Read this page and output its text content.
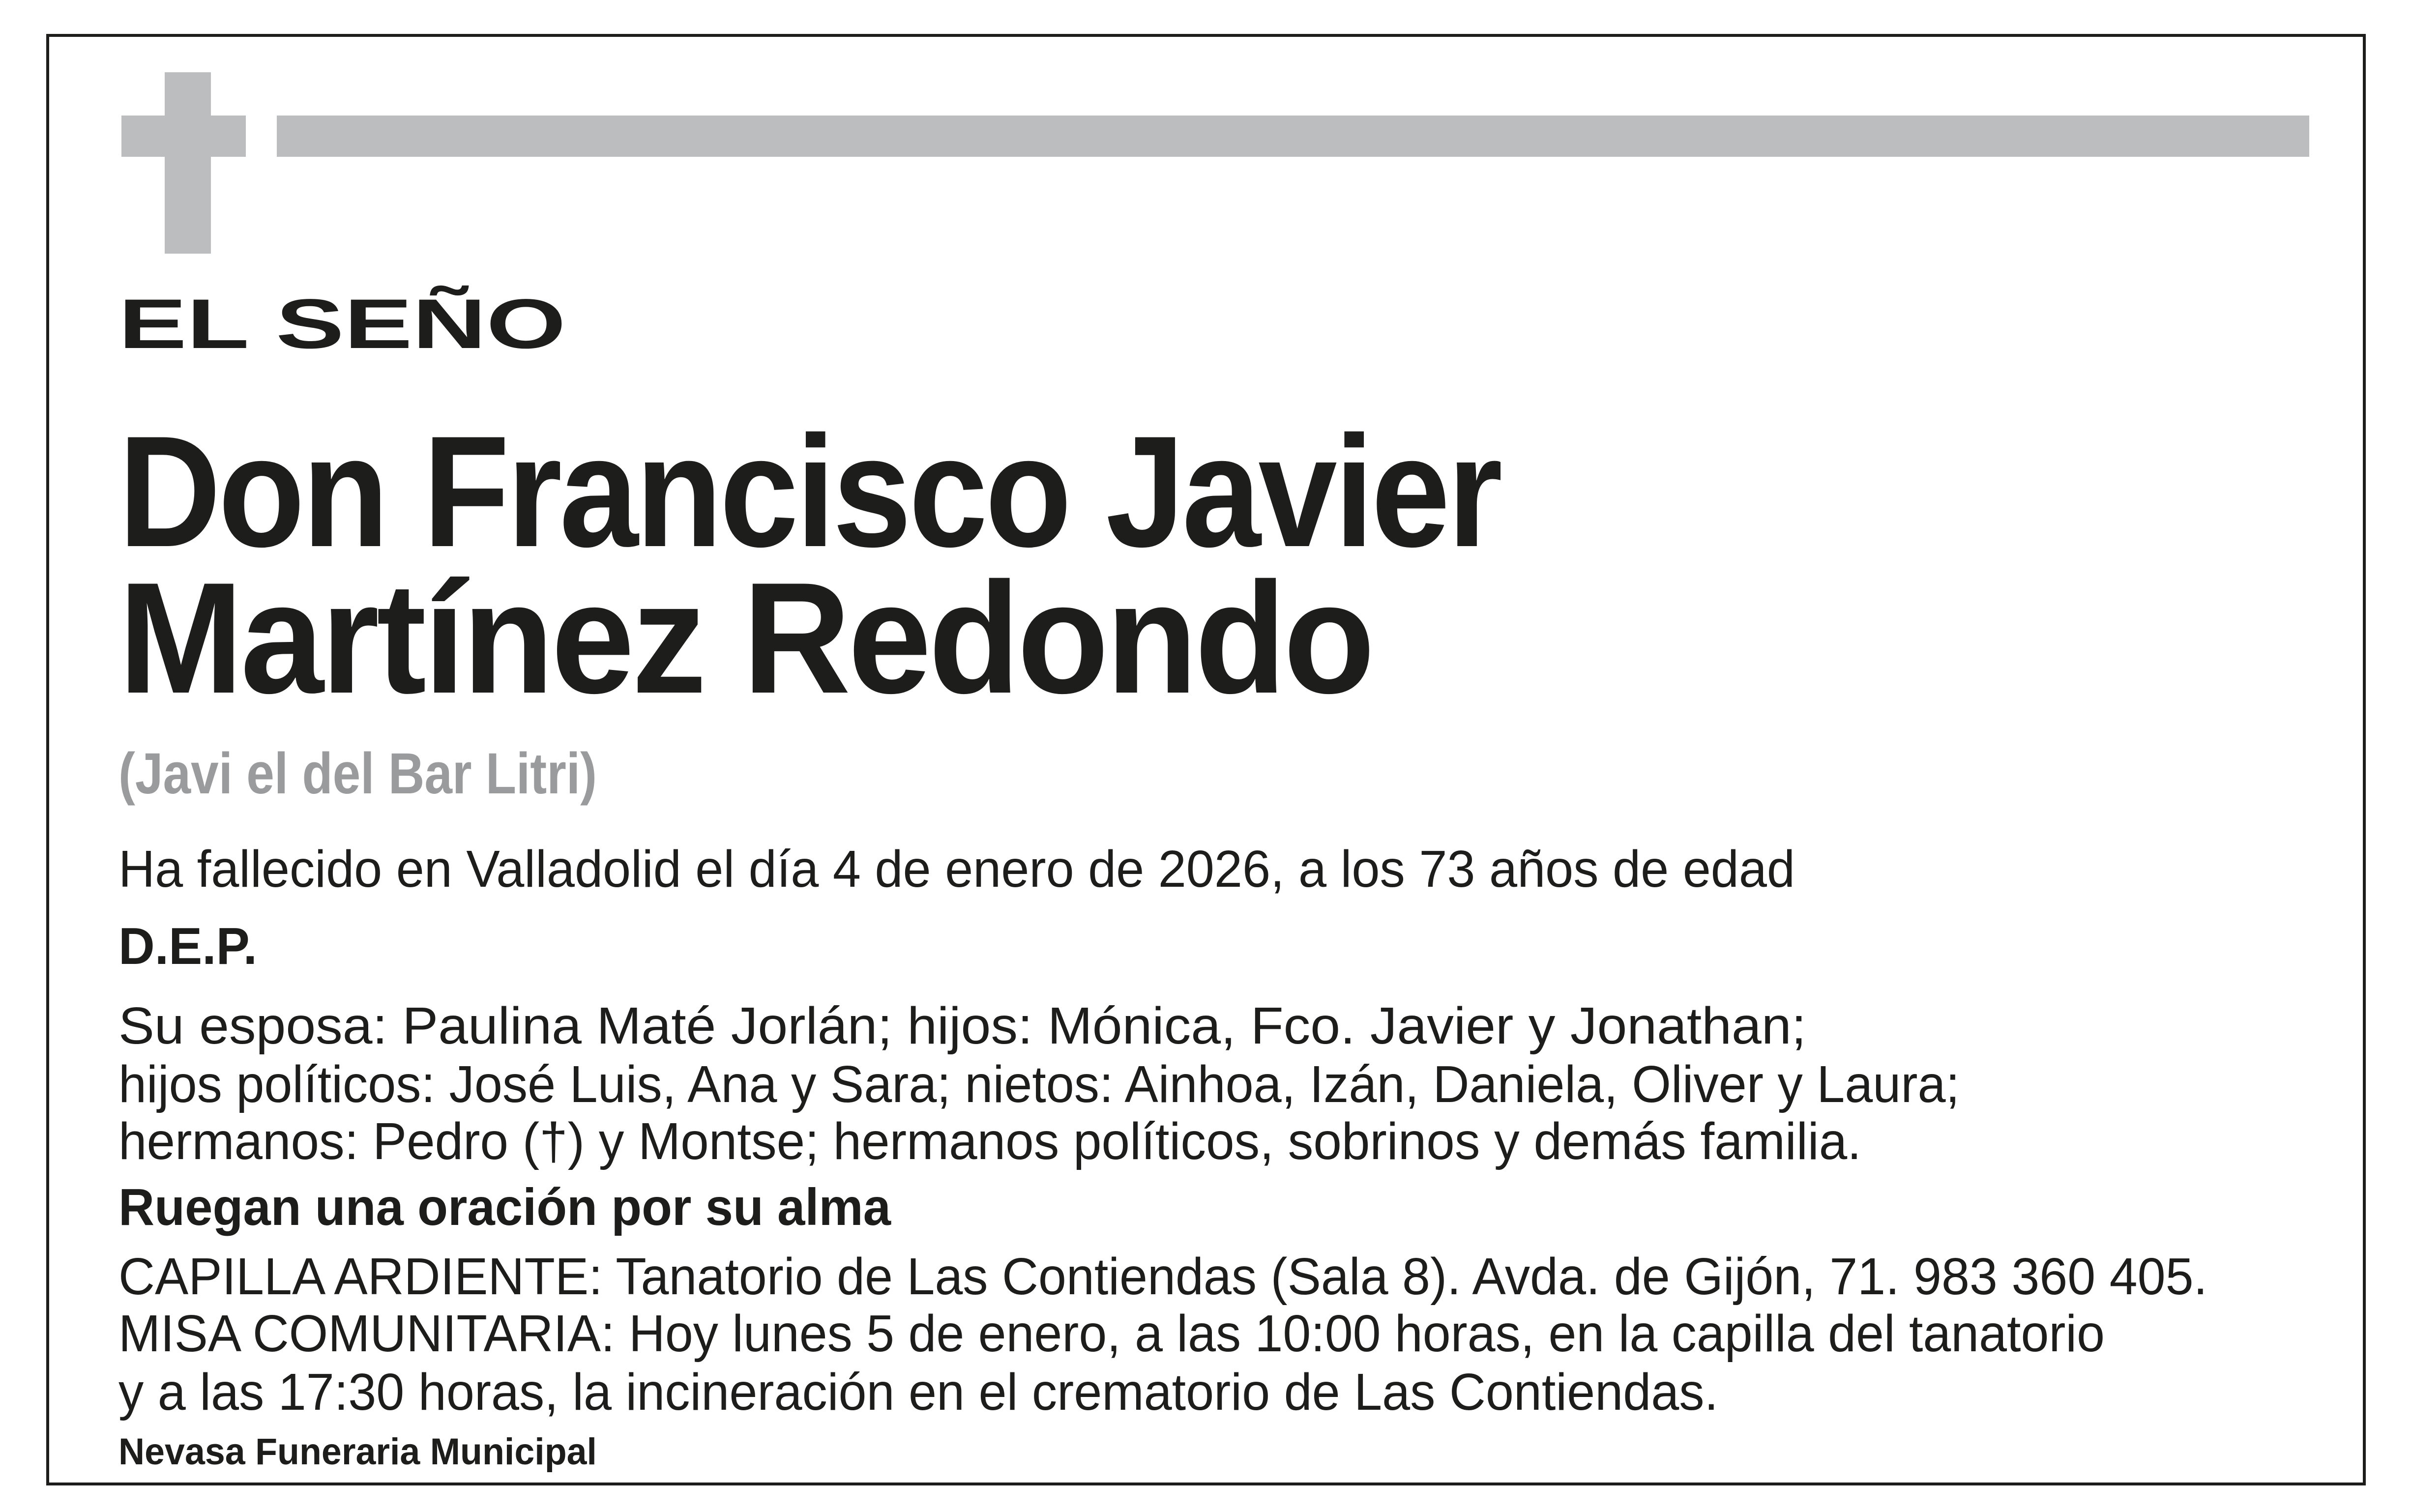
EL SEÑO
Don Francisco Javier
Martínez Redondo
(Javi el del Bar Litri)
Ha fallecido en Valladolid el día 4 de enero de 2026, a los 73 años de edad
D.E.P.
Su esposa: Paulina Maté Jorlán; hijos: Mónica, Fco. Javier y Jonathan;
hijos políticos: José Luis, Ana y Sara; nietos: Ainhoa, Izán, Daniela, Oliver y Laura;
hermanos: Pedro (†) y Montse; hermanos políticos, sobrinos y demás familia.
Ruegan una oración por su alma
CAPILLA ARDIENTE: Tanatorio de Las Contiendas (Sala 8). Avda. de Gijón, 71. 983 360 405.
MISA COMUNITARIA: Hoy lunes 5 de enero, a las 10:00 horas, en la capilla del tanatorio
y a las 17:30 horas, la incineración en el crematorio de Las Contiendas.
Nevasa Funeraria Municipal
